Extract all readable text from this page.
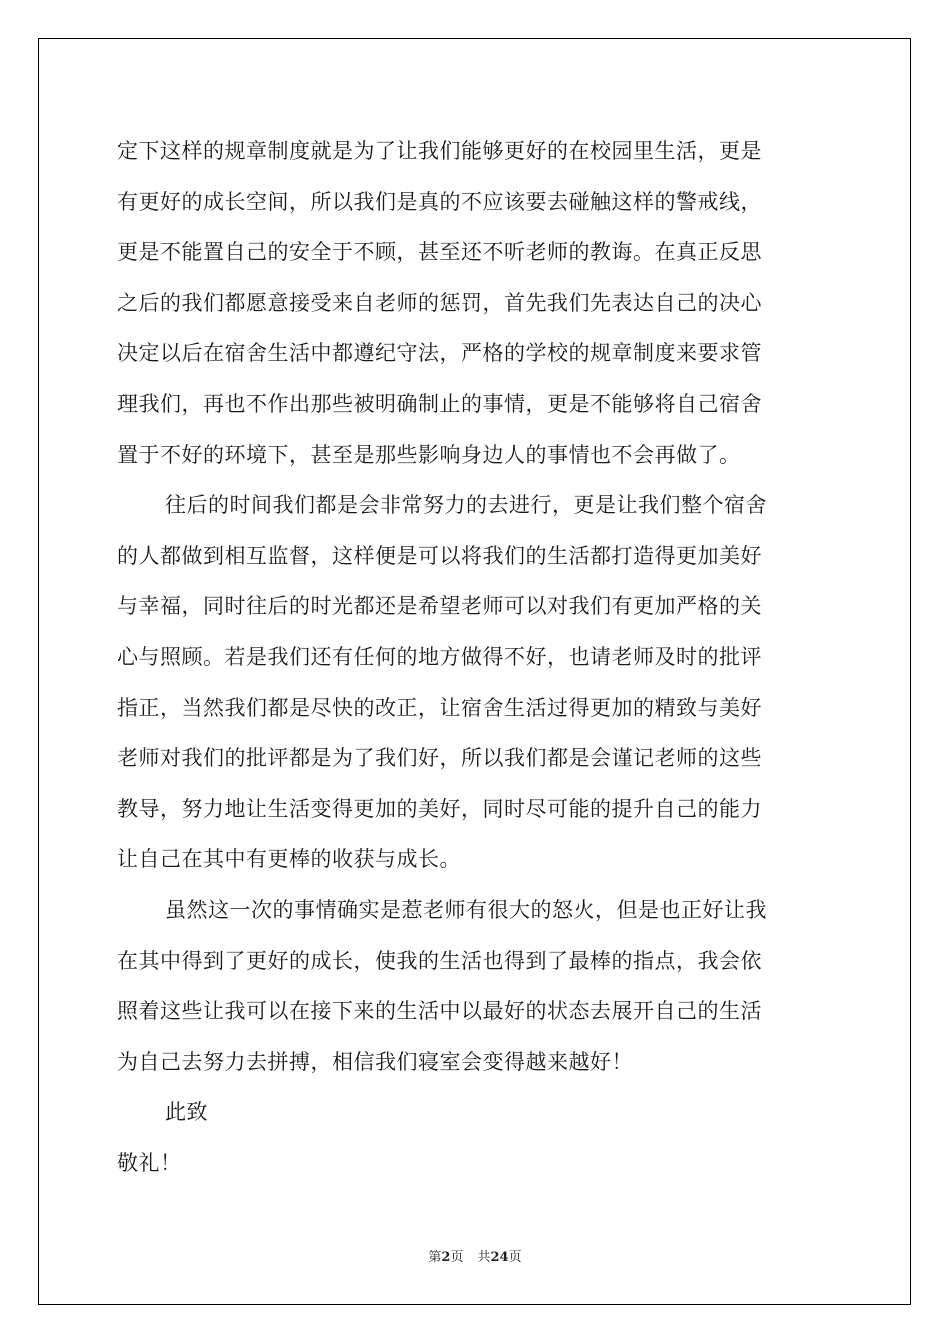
定下这样的规章制度就是为了让我们能够更好的在校园里生活，更是
有更好的成长空间，所以我们是真的不应该要去碰触这样的警戒线，
更是不能置自己的安全于不顾，甚至还不听老师的教诲。在真正反思
之后的我们都愿意接受来自老师的惩罚，首先我们先表达自己的决心
决定以后在宿舍生活中都遵纪守法，严格的学校的规章制度来要求管
理我们，再也不作出那些被明确制止的事情，更是不能够将自己宿舍
置于不好的环境下，甚至是那些影响身边人的事情也不会再做了。
往后的时间我们都是会非常努力的去进行，更是让我们整个宿舍
的人都做到相互监督，这样便是可以将我们的生活都打造得更加美好
与幸福，同时往后的时光都还是希望老师可以对我们有更加严格的关
心与照顾。若是我们还有任何的地方做得不好，也请老师及时的批评
指正，当然我们都是尽快的改正，让宿舍生活过得更加的精致与美好
老师对我们的批评都是为了我们好，所以我们都是会谨记老师的这些
教导，努力地让生活变得更加的美好，同时尽可能的提升自己的能力
让自己在其中有更棒的收获与成长。
虽然这一次的事情确实是惹老师有很大的怒火，但是也正好让我
在其中得到了更好的成长，使我的生活也得到了最棒的指点，我会依
照着这些让我可以在接下来的生活中以最好的状态去展开自己的生活
为自己去努力去拼搏，相信我们寝室会变得越来越好！
此致
敬礼！
第2页 共24页
